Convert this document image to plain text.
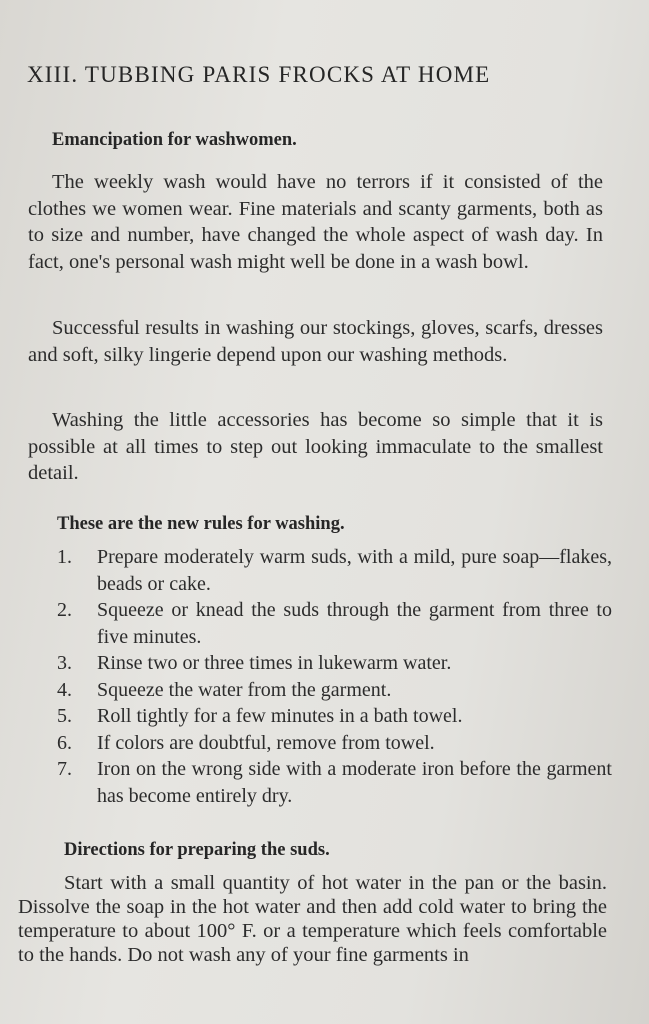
XIII. TUBBING PARIS FROCKS AT HOME
Emancipation for washwomen.
The weekly wash would have no terrors if it consisted of the clothes we women wear. Fine materials and scanty garments, both as to size and number, have changed the whole aspect of wash day. In fact, one's personal wash might well be done in a wash bowl.
Successful results in washing our stockings, gloves, scarfs, dresses and soft, silky lingerie depend upon our washing methods.
Washing the little accessories has become so simple that it is possible at all times to step out looking immaculate to the smallest detail.
These are the new rules for washing.
1.	Prepare moderately warm suds, with a mild, pure soap—flakes, beads or cake.
2.	Squeeze or knead the suds through the garment from three to five minutes.
3.	Rinse two or three times in lukewarm water.
4.	Squeeze the water from the garment.
5.	Roll tightly for a few minutes in a bath towel.
6.	If colors are doubtful, remove from towel.
7.	Iron on the wrong side with a moderate iron before the garment has become entirely dry.
Directions for preparing the suds.
Start with a small quantity of hot water in the pan or the basin. Dissolve the soap in the hot water and then add cold water to bring the temperature to about 100° F. or a temperature which feels comfortable to the hands. Do not wash any of your fine garments in
